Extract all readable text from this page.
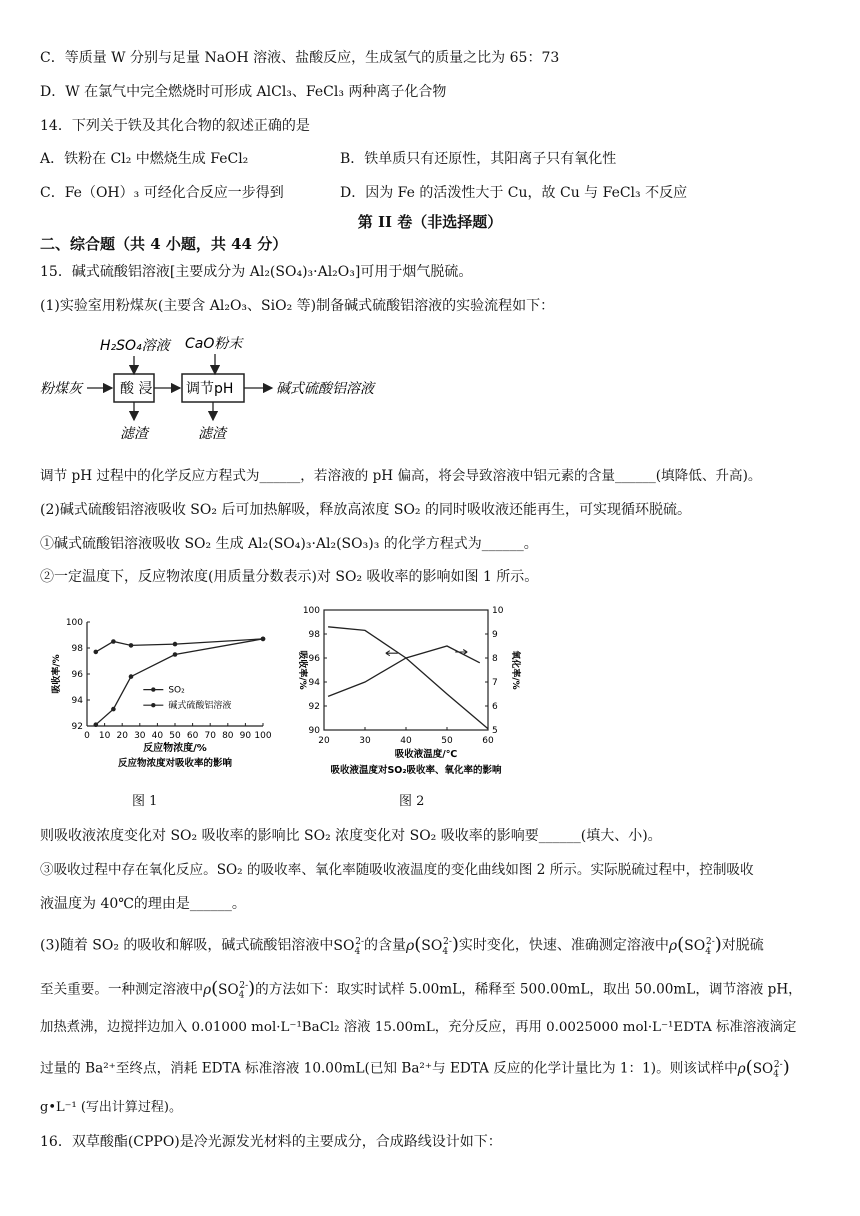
C．等质量 W 分别与足量 NaOH 溶液、盐酸反应，生成氢气的质量之比为 65：73
D．W 在氯气中完全燃烧时可形成 AlCl₃、FeCl₃ 两种离子化合物
14．下列关于铁及其化合物的叙述正确的是
A．铁粉在 Cl₂ 中燃烧生成 FeCl₂	B．铁单质只有还原性，其阳离子只有氧化性
C．Fe（OH）₃ 可经化合反应一步得到	D．因为 Fe 的活泼性大于 Cu，故 Cu 与 FeCl₃ 不反应
第 II 卷（非选择题）
二、综合题（共 4 小题，共 44 分）
15．碱式硫酸铝溶液[主要成分为 Al₂(SO₄)₃·Al₂O₃]可用于烟气脱硫。
(1)实验室用粉煤灰(主要含 Al₂O₃、SiO₂ 等)制备碱式硫酸铝溶液的实验流程如下：
H₂SO₄溶液 CaO粉末
粉煤灰	酸 浸 调节pH	碱式硫酸铝溶液
滤渣	滤渣
调节 pH 过程中的化学反应方程式为______，若溶液的 pH 偏高，将会导致溶液中铝元素的含量______(填降低、升高)。
(2)碱式硫酸铝溶液吸收 SO₂ 后可加热解吸，释放高浓度 SO₂ 的同时吸收液还能再生，可实现循环脱硫。
①碱式硫酸铝溶液吸收 SO₂ 生成 Al₂(SO₄)₃·Al₂(SO₃)₃ 的化学方程式为______。
②一定温度下，反应物浓度(用质量分数表示)对 SO₂ 吸收率的影响如图 1 所示。
0 10 20 30 40 50 60 70 80 90 100
92
94
96
98
100
反应物浓度/%
反应物浓度对吸收率的影响
吸收率/%	SO₂
碱式硫酸铝溶液
20	30	40	50	60
90
92
94
96
98
100
5
6
7
8
9
10
吸收液温度/℃
吸收液温度对SO₂吸收率、氧化率的影响
吸收率/%	氧化率/%
图 1	图 2
则吸收液浓度变化对 SO₂ 吸收率的影响比 SO₂ 浓度变化对 SO₂ 吸收率的影响要______(填大、小)。
③吸收过程中存在氧化反应。SO₂ 的吸收率、氧化率随吸收液温度的变化曲线如图 2 所示。实际脱硫过程中，控制吸收
液温度为 40℃的理由是______。
(3)随着 SO₂ 的吸收和解吸，碱式硫酸铝溶液中$SO_4^{2-}$的含量$\rho(SO_4^{2-})$实时变化，快速、准确测定溶液中$\rho(SO_4^{2-})$对脱硫
至关重要。一种测定溶液中$\rho(SO_4^{2-})$的方法如下：取实时试样 5.00mL，稀释至 500.00mL，取出 50.00mL，调节溶液 pH，
加热煮沸，边搅拌边加入 0.01000 mol·L⁻¹BaCl₂ 溶液 15.00mL，充分反应，再用 0.0025000 mol·L⁻¹EDTA 标准溶液滴定
过量的 Ba²⁺至终点，消耗 EDTA 标准溶液 10.00mL(已知 Ba²⁺与 EDTA 反应的化学计量比为 1：1)。则该试样中$\rho(SO_4^{2-})$
g•L⁻¹ (写出计算过程)。
16．双草酸酯(CPPO)是冷光源发光材料的主要成分，合成路线设计如下：
